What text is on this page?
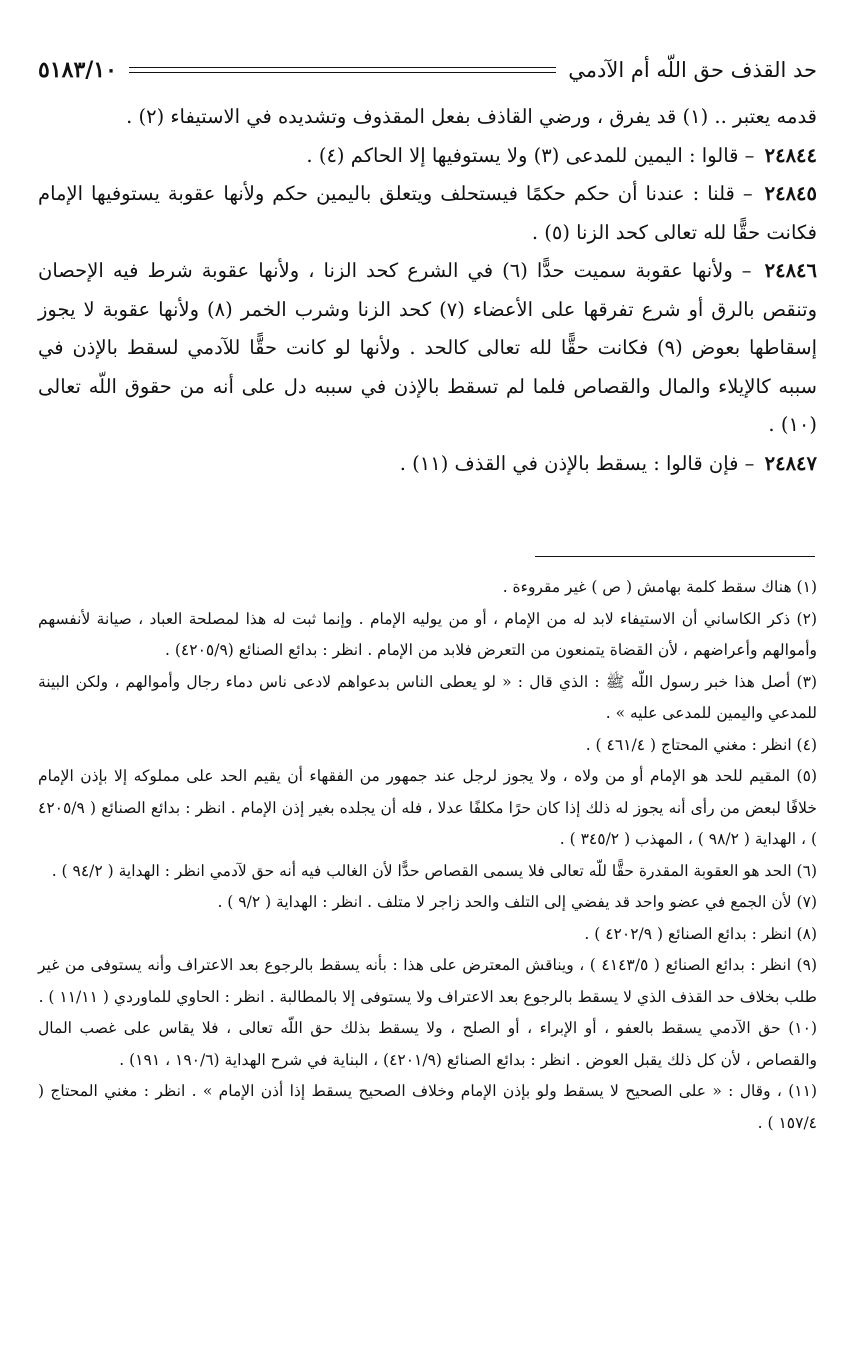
حد القذف حق اللّه أم الآدمي
٥١٨٣/١٠

قدمه يعتبر .. (١) قد يفرق ، ورضي القاذف بفعل المقذوف وتشديده في الاستيفاء (٢) .

٢٤٨٤٤ – قالوا : اليمين للمدعى (٣) ولا يستوفيها إلا الحاكم (٤) .

٢٤٨٤٥ – قلنا : عندنا أن حكم حكمًا فيستحلف ويتعلق باليمين حكم ولأنها عقوبة يستوفيها الإمام فكانت حقًّا لله تعالى كحد الزنا (٥) .

٢٤٨٤٦ – ولأنها عقوبة سميت حدًّا (٦) في الشرع كحد الزنا ، ولأنها عقوبة شرط فيه الإحصان وتنقص بالرق أو شرع تفرقها على الأعضاء (٧) كحد الزنا وشرب الخمر (٨) ولأنها عقوبة لا يجوز إسقاطها بعوض (٩) فكانت حقًّا لله تعالى كالحد . ولأنها لو كانت حقًّا للآدمي لسقط بالإذن في سببه كالإيلاء والمال والقصاص فلما لم تسقط بالإذن في سببه دل على أنه من حقوق اللّه تعالى (١٠) .

٢٤٨٤٧ – فإن قالوا : يسقط بالإذن في القذف (١١) .

(١) هناك سقط كلمة بهامش ( ص ) غير مقروءة .

(٢) ذكر الكاساني أن الاستيفاء لابد له من الإمام ، أو من يوليه الإمام . وإنما ثبت له هذا لمصلحة العباد ، صيانة لأنفسهم وأموالهم وأعراضهم ، لأن القضاة يتمنعون من التعرض فلابد من الإمام . انظر : بدائع الصنائع (٤٢٠٥/٩) .

(٣) أصل هذا خبر رسول اللّه ﷺ : الذي قال : « لو يعطى الناس بدعواهم لادعى ناس دماء رجال وأموالهم ، ولكن البينة للمدعي واليمين للمدعى عليه » .

(٤) انظر : مغني المحتاج ( ٤٦١/٤ ) .

(٥) المقيم للحد هو الإمام أو من ولاه ، ولا يجوز لرجل عند جمهور من الفقهاء أن يقيم الحد على مملوكه إلا بإذن الإمام خلافًا لبعض من رأى أنه يجوز له ذلك إذا كان حرًا مكلفًا عدلا ، فله أن يجلده بغير إذن الإمام . انظر : بدائع الصنائع ( ٤٢٠٥/٩ ) ، الهداية ( ٩٨/٢ ) ، المهذب ( ٣٤٥/٢ ) .

(٦) الحد هو العقوبة المقدرة حقًّا للّه تعالى فلا يسمى القصاص حدًّا لأن الغالب فيه أنه حق لآدمي انظر : الهداية ( ٩٤/٢ ) .

(٧) لأن الجمع في عضو واحد قد يفضي إلى التلف والحد زاجر لا متلف . انظر : الهداية ( ٩/٢ ) .

(٨) انظر : بدائع الصنائع ( ٤٢٠٢/٩ ) .

(٩) انظر : بدائع الصنائع ( ٤١٤٣/٥ ) ، ويناقش المعترض على هذا : بأنه يسقط بالرجوع بعد الاعتراف وأنه يستوفى من غير طلب بخلاف حد القذف الذي لا يسقط بالرجوع بعد الاعتراف ولا يستوفى إلا بالمطالبة . انظر : الحاوي للماوردي ( ١١/١١ ) .

(١٠) حق الآدمي يسقط بالعفو ، أو الإبراء ، أو الصلح ، ولا يسقط بذلك حق اللّه تعالى ، فلا يقاس على غصب المال والقصاص ، لأن كل ذلك يقبل العوض . انظر : بدائع الصنائع (٤٢٠١/٩) ، البناية في شرح الهداية (١٩٠/٦ ، ١٩١) .

(١١) ، وقال : « على الصحيح لا يسقط ولو بإذن الإمام وخلاف الصحيح يسقط إذا أذن الإمام » . انظر : مغني المحتاج ( ١٥٧/٤ ) .
